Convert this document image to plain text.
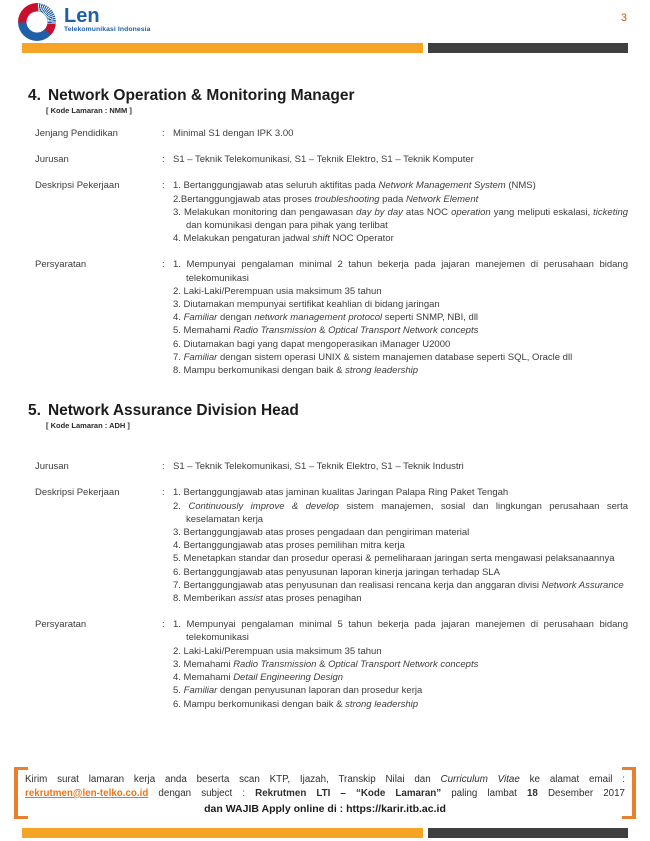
Len
Telekomunikasi Indonesia
3
4. Network Operation & Monitoring Manager
[ Kode Lamaran : NMM ]
Jenjang Pendidikan	: Minimal S1 dengan IPK 3.00
Jurusan	: S1 – Teknik Telekomunikasi, S1 – Teknik Elektro, S1 – Teknik Komputer
Deskripsi Pekerjaan	: 1. Bertanggungjawab atas seluruh aktifitas pada Network Management System (NMS)
2.Bertanggungjawab atas proses troubleshooting pada Network Element
3. Melakukan monitoring dan pengawasan day by day atas NOC operation yang meliputi eskalasi, ticketing dan komunikasi dengan para pihak yang terlibat
4. Melakukan pengaturan jadwal shift NOC Operator
Persyaratan	: 1. Mempunyai pengalaman minimal 2 tahun bekerja pada jajaran manejemen di perusahaan bidang telekomunikasi
2. Laki-Laki/Perempuan usia maksimum 35 tahun
3. Diutamakan mempunyai sertifikat keahlian di bidang jaringan
4. Familiar dengan network management protocol seperti SNMP, NBI, dll
5. Memahami Radio Transmission & Optical Transport Network concepts
6. Diutamakan bagi yang dapat mengoperasikan iManager U2000
7. Familiar dengan sistem operasi UNIX & sistem manajemen database seperti SQL, Oracle dll
8. Mampu berkomunikasi dengan baik & strong leadership
5. Network Assurance Division Head
[ Kode Lamaran : ADH ]
Jurusan	: S1 – Teknik Telekomunikasi, S1 – Teknik Elektro, S1 – Teknik Industri
Deskripsi Pekerjaan	: 1. Bertanggungjawab atas jaminan kualitas Jaringan Palapa Ring Paket Tengah
2. Continuously improve & develop sistem manajemen, sosial dan lingkungan perusahaan serta keselamatan kerja
3. Bertanggungjawab atas proses pengadaan dan pengiriman material
4. Bertanggungjawab atas proses pemilihan mitra kerja
5. Menetapkan standar dan prosedur operasi & pemeliharaan jaringan serta mengawasi pelaksanaannya
6. Bertanggungjawab atas penyusunan laporan kinerja jaringan terhadap SLA
7. Bertanggungjawab atas penyusunan dan realisasi rencana kerja dan anggaran divisi Network Assurance
8. Memberikan assist atas proses penagihan
Persyaratan	: 1. Mempunyai pengalaman minimal 5 tahun bekerja pada jajaran manejemen di perusahaan bidang telekomunikasi
2. Laki-Laki/Perempuan usia maksimum 35 tahun
3. Memahami Radio Transmission & Optical Transport Network concepts
4. Memahami Detail Engineering Design
5. Familiar dengan penyusunan laporan dan prosedur kerja
6. Mampu berkomunikasi dengan baik & strong leadership
Kirim surat lamaran kerja anda beserta scan KTP, Ijazah, Transkip Nilai dan Curriculum Vitae ke alamat email :
rekrutmen@len-telko.co.id dengan subject : Rekrutmen LTI – “Kode Lamaran” paling lambat 18 Desember 2017
dan WAJIB Apply online di : https://karir.itb.ac.id
